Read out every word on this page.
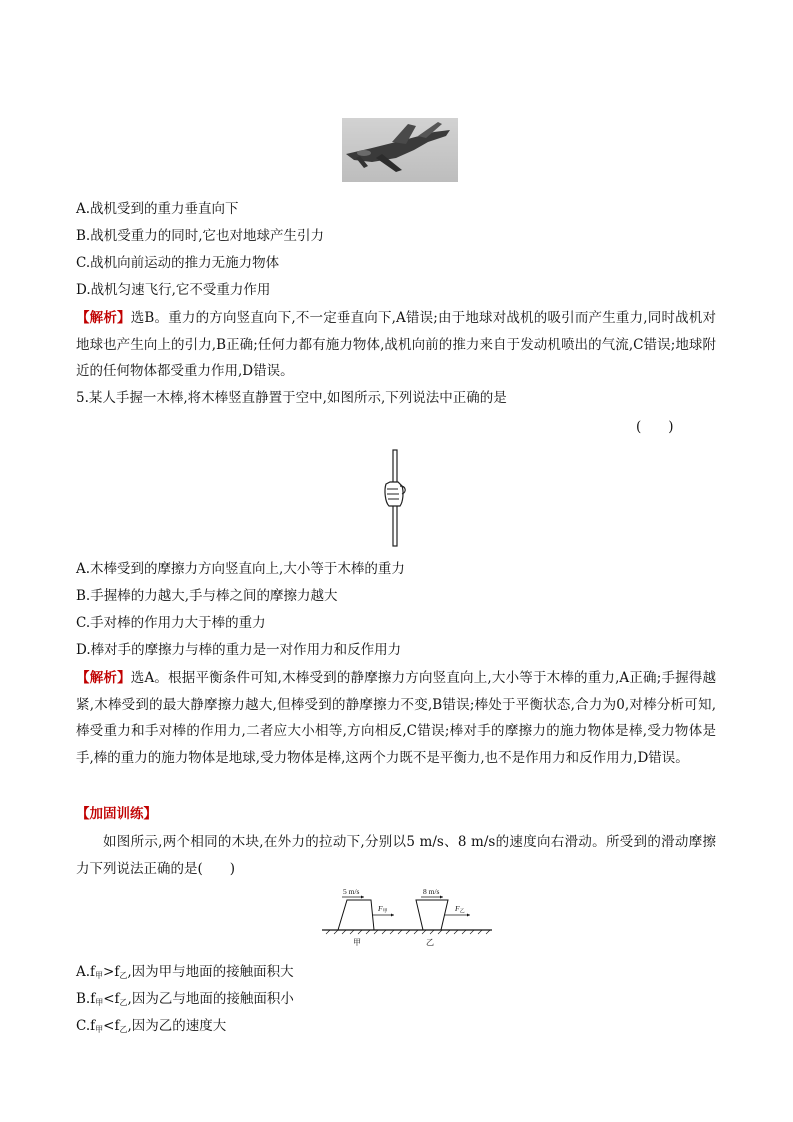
A.战机受到的重力垂直向下
B.战机受重力的同时,它也对地球产生引力
C.战机向前运动的推力无施力物体
D.战机匀速飞行,它不受重力作用
【解析】选B。重力的方向竖直向下,不一定垂直向下,A错误;由于地球对战机的吸引而产生重力,同时战机对地球也产生向上的引力,B正确;任何力都有施力物体,战机向前的推力来自于发动机喷出的气流,C错误;地球附近的任何物体都受重力作用,D错误。
5.某人手握一木棒,将木棒竖直静置于空中,如图所示,下列说法中正确的是
(　　)
A.木棒受到的摩擦力方向竖直向上,大小等于木棒的重力
B.手握棒的力越大,手与棒之间的摩擦力越大
C.手对棒的作用力大于棒的重力
D.棒对手的摩擦力与棒的重力是一对作用力和反作用力
【解析】选A。根据平衡条件可知,木棒受到的静摩擦力方向竖直向上,大小等于木棒的重力,A正确;手握得越紧,木棒受到的最大静摩擦力越大,但棒受到的静摩擦力不变,B错误;棒处于平衡状态,合力为0,对棒分析可知,棒受重力和手对棒的作用力,二者应大小相等,方向相反,C错误;棒对手的摩擦力的施力物体是棒,受力物体是手,棒的重力的施力物体是地球,受力物体是棒,这两个力既不是平衡力,也不是作用力和反作用力,D错误。
【加固训练】
如图所示,两个相同的木块,在外力的拉动下,分别以5 m/s、8 m/s的速度向右滑动。所受到的滑动摩擦力下列说法正确的是(　　)
5 m/s	8 m/s
$F_甲$	$F_乙$
甲	乙
$A.f_甲>f_乙$,因为甲与地面的接触面积大
$B.f_甲<f_乙$,因为乙与地面的接触面积小
$C.f_甲<f_乙$,因为乙的速度大
